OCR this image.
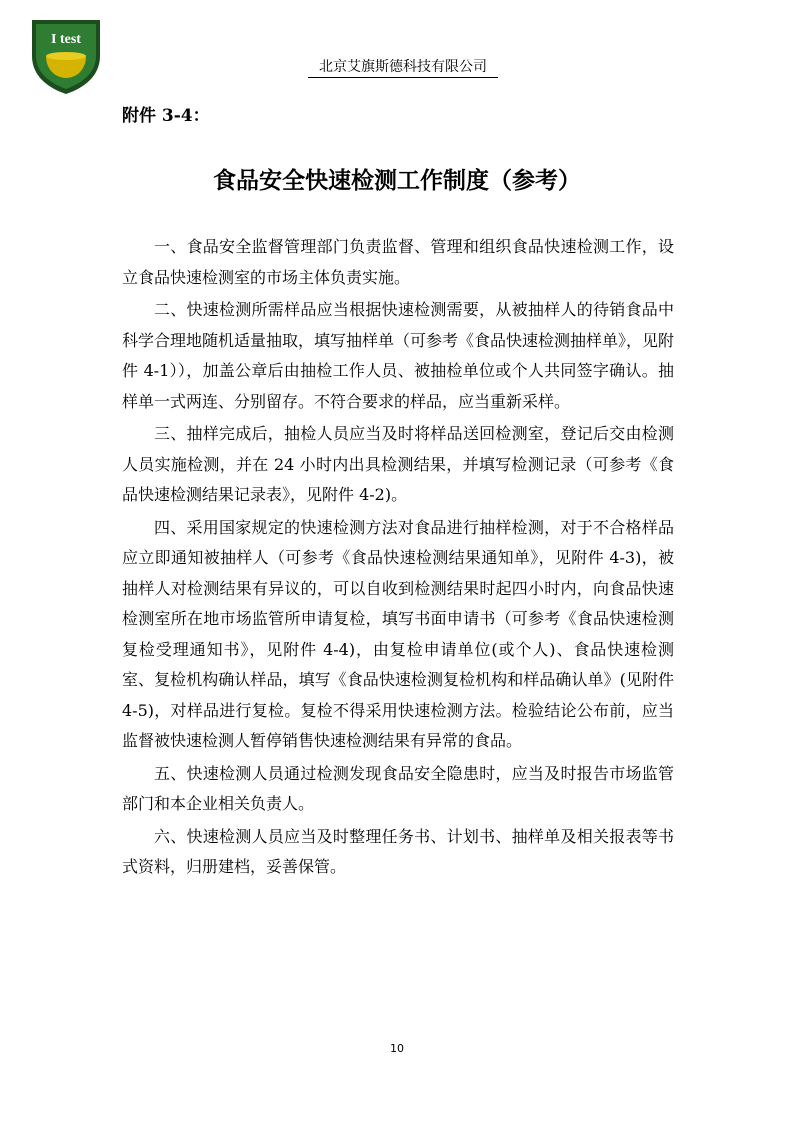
I test
北京艾旗斯德科技有限公司
附件 3-4：
食品安全快速检测工作制度（参考）

一、食品安全监督管理部门负责监督、管理和组织食品快速检测工作，设立食品快速检测室的市场主体负责实施。

二、快速检测所需样品应当根据快速检测需要，从被抽样人的待销食品中科学合理地随机适量抽取，填写抽样单（可参考《食品快速检测抽样单》，见附件 4-1）），加盖公章后由抽检工作人员、被抽检单位或个人共同签字确认。抽样单一式两连、分别留存。不符合要求的样品，应当重新采样。

三、抽样完成后，抽检人员应当及时将样品送回检测室，登记后交由检测人员实施检测，并在 24 小时内出具检测结果，并填写检测记录（可参考《食品快速检测结果记录表》，见附件 4-2)。

四、采用国家规定的快速检测方法对食品进行抽样检测，对于不合格样品应立即通知被抽样人（可参考《食品快速检测结果通知单》，见附件 4-3)，被抽样人对检测结果有异议的，可以自收到检测结果时起四小时内，向食品快速检测室所在地市场监管所申请复检，填写书面申请书（可参考《食品快速检测复检受理通知书》，见附件 4-4)，由复检申请单位(或个人)、食品快速检测室、复检机构确认样品，填写《食品快速检测复检机构和样品确认单》(见附件 4-5)，对样品进行复检。复检不得采用快速检测方法。检验结论公布前，应当监督被快速检测人暂停销售快速检测结果有异常的食品。

五、快速检测人员通过检测发现食品安全隐患时，应当及时报告市场监管部门和本企业相关负责人。

六、快速检测人员应当及时整理任务书、计划书、抽样单及相关报表等书式资料，归册建档，妥善保管。

10
